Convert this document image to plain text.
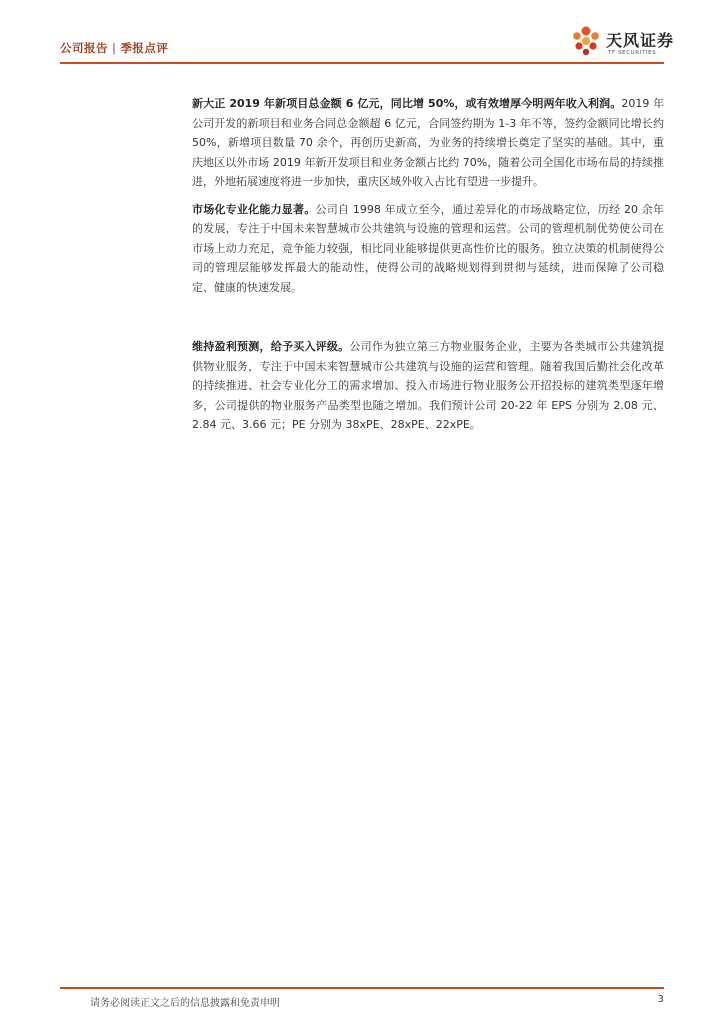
公司报告 | 季报点评	天风证券
TF SECURITIES

新大正 2019 年新项目总金额 6 亿元，同比增 50%，或有效增厚今明两年收入利润。2019 年公司开发的新项目和业务合同总金额超 6 亿元，合同签约期为 1-3 年不等，签约金额同比增长约 50%，新增项目数量 70 余个，再创历史新高，为业务的持续增长奠定了坚实的基础。其中，重庆地区以外市场 2019 年新开发项目和业务金额占比约 70%，随着公司全国化市场布局的持续推进，外地拓展速度将进一步加快，重庆区域外收入占比有望进一步提升。

市场化专业化能力显著。公司自 1998 年成立至今，通过差异化的市场战略定位，历经 20 余年的发展，专注于中国未来智慧城市公共建筑与设施的管理和运营。公司的管理机制优势使公司在市场上动力充足，竞争能力较强，相比同业能够提供更高性价比的服务。独立决策的机制使得公司的管理层能够发挥最大的能动性，使得公司的战略规划得到贯彻与延续，进而保障了公司稳定、健康的快速发展。

维持盈利预测，给予买入评级。公司作为独立第三方物业服务企业，主要为各类城市公共建筑提供物业服务，专注于中国未来智慧城市公共建筑与设施的运营和管理。随着我国后勤社会化改革的持续推进、社会专业化分工的需求增加、投入市场进行物业服务公开招投标的建筑类型逐年增多，公司提供的物业服务产品类型也随之增加。我们预计公司 20-22 年 EPS 分别为 2.08 元、2.84 元、3.66 元；PE 分别为 38xPE、28xPE、22xPE。

请务必阅读正文之后的信息披露和免责申明	3
